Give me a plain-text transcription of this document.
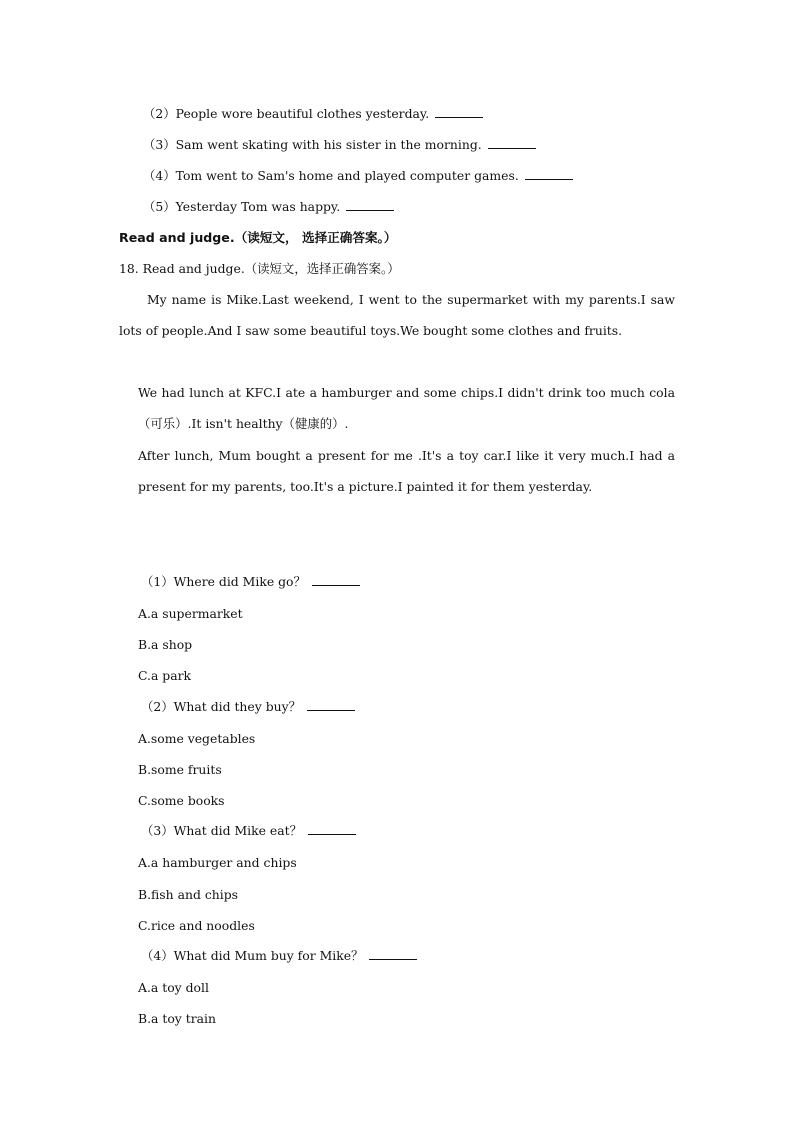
（2）People wore beautiful clothes yesterday.
（3）Sam went skating with his sister in the morning.
（4）Tom went to Sam's home and played computer games.
（5）Yesterday Tom was happy.
Read and judge.（读短文， 选择正确答案。）
18. Read and judge.（读短文，选择正确答案。）
My name is Mike.Last weekend, I went to the supermarket with my parents.I saw lots of people.And I saw some beautiful toys.We bought some clothes and fruits.
We had lunch at KFC.I ate a hamburger and some chips.I didn't drink too much cola（可乐）.It isn't healthy（健康的）.
After lunch, Mum bought a present for me .It's a toy car.I like it very much.I had a present for my parents, too.It's a picture.I painted it for them yesterday.
（1）Where did Mike go？
A.a supermarket
B.a shop
C.a park
（2）What did they buy？
A.some vegetables
B.some fruits
C.some books
（3）What did Mike eat？
A.a hamburger and chips
B.fish and chips
C.rice and noodles
（4）What did Mum buy for Mike？
A.a toy doll
B.a toy train
